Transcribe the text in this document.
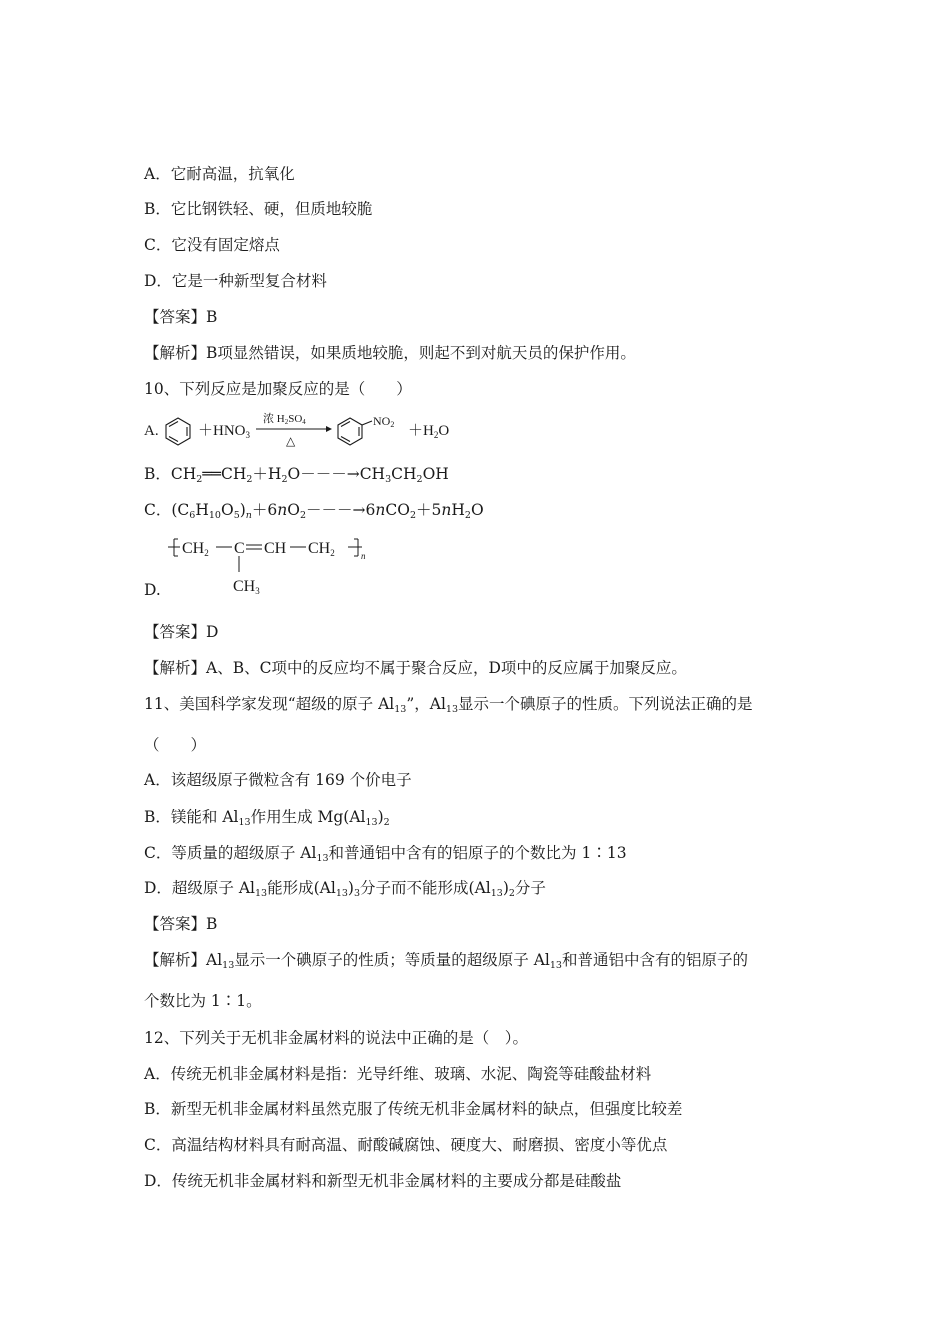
A．它耐高温，抗氧化
B．它比钢铁轻、硬，但质地较脆
C．它没有固定熔点
D．它是一种新型复合材料
【答案】B
【解析】B项显然错误，如果质地较脆，则起不到对航天员的保护作用。
10、下列反应是加聚反应的是（　　）
A.	$+HNO_3$
浓 H2SO4
△
$NO2 +H_2O$
B．$CH_2══CH_2+H_2O---\to CH_3CH_2OH$
C．$(C_6H_{10}O_5)_n+6nO_2---\to 6nCO_2+5nH_2O$
CH2 C CH CH2	n
CH3
D.
【答案】D
【解析】A、B、C项中的反应均不属于聚合反应，D项中的反应属于加聚反应。
11、美国科学家发现“超级的原子 $Al_{13}$”，$Al_{13}$显示一个碘原子的性质。下列说法正确的是
（　　）
A．该超级原子微粒含有 169 个价电子
B．镁能和 $Al_{13}$作用生成 $Mg(Al_{13})_2$
C．等质量的超级原子 $Al_{13}$和普通铝中含有的铝原子的个数比为 1∶13
D．超级原子 $Al_{13}$能形成$(Al_{13})_3$分子而不能形成$(Al_{13})_2$分子
【答案】B
【解析】$Al_{13}$显示一个碘原子的性质；等质量的超级原子 $Al_{13}$和普通铝中含有的铝原子的
个数比为 1∶1。
12、下列关于无机非金属材料的说法中正确的是（　）。
A．传统无机非金属材料是指：光导纤维、玻璃、水泥、陶瓷等硅酸盐材料
B．新型无机非金属材料虽然克服了传统无机非金属材料的缺点，但强度比较差
C．高温结构材料具有耐高温、耐酸碱腐蚀、硬度大、耐磨损、密度小等优点
D．传统无机非金属材料和新型无机非金属材料的主要成分都是硅酸盐
